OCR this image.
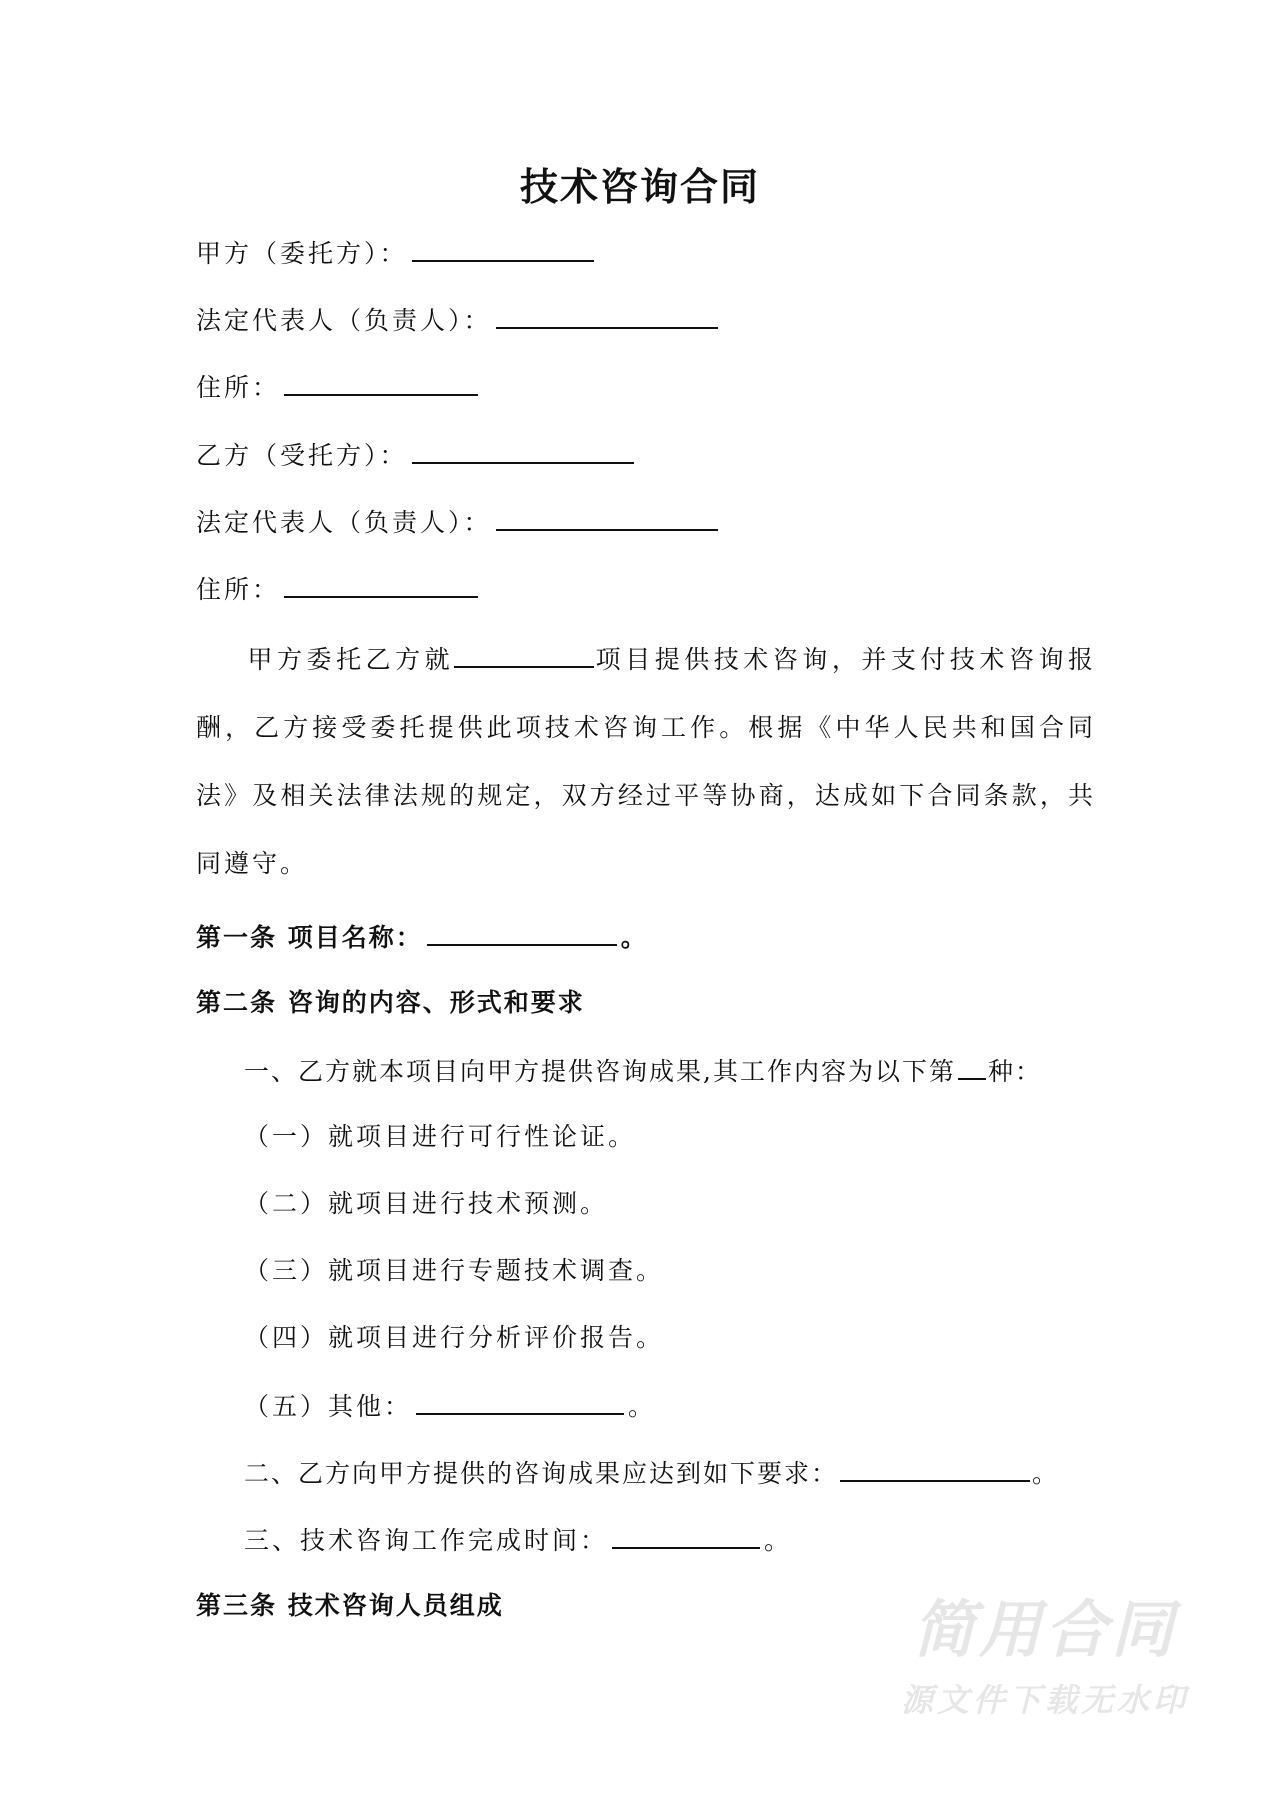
技术咨询合同
甲方（委托方）：
法定代表人（负责人）：
住所：
乙方（受托方）：
法定代表人（负责人）：
住所：
甲方委托乙方就	项目提供技术咨询，并支付技术咨询报酬，乙方接受委托提供此项技术咨询工作。根据《中华人民共和国合同法》及相关法律法规的规定，双方经过平等协商，达成如下合同条款，共同遵守。
第一条 项目名称：	。
第二条 咨询的内容、形式和要求
一、乙方就本项目向甲方提供咨询成果,其工作内容为以下第 种：
（一）就项目进行可行性论证。
（二）就项目进行技术预测。
（三）就项目进行专题技术调查。
（四）就项目进行分析评价报告。
（五）其他：	。
二、乙方向甲方提供的咨询成果应达到如下要求：	。
三、技术咨询工作完成时间：	。
第三条 技术咨询人员组成	简用合同
源文件下载无水印
